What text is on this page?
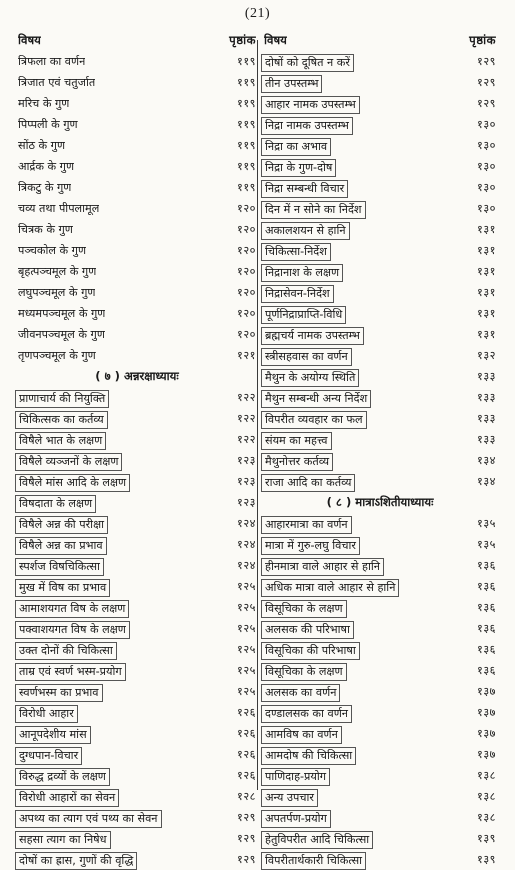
(21)
विषय	पृष्ठांक
त्रिफला का वर्णन	११९
त्रिजात एवं चतुर्जात	११९
मरिच के गुण	११९
पिप्पली के गुण	११९
सोंठ के गुण	११९
आर्द्रक के गुण	११९
त्रिकटु के गुण	११९
चव्य तथा पीपलामूल	१२०
चित्रक के गुण	१२०
पञ्चकोल के गुण	१२०
बृहत्पञ्चमूल के गुण	१२०
लघुपञ्चमूल के गुण	१२०
मध्यमपञ्चमूल के गुण	१२०
जीवनपञ्चमूल के गुण	१२०
तृणपञ्चमूल के गुण	१२१
( ७ ) अन्नरक्षाध्यायः
प्राणाचार्य की नियुक्ति	१२२
चिकित्सक का कर्तव्य	१२२
विषैले भात के लक्षण	१२२
विषैले व्यञ्जनों के लक्षण	१२३
विषैले मांस आदि के लक्षण	१२३
विषदाता के लक्षण	१२३
विषैले अन्न की परीक्षा	१२४
विषैले अन्न का प्रभाव	१२४
स्पर्शज विषचिकित्सा	१२४
मुख में विष का प्रभाव	१२५
आमाशयगत विष के लक्षण	१२५
पक्वाशयगत विष के लक्षण	१२५
उक्त दोनों की चिकित्सा	१२५
ताम्र एवं स्वर्ण भस्म-प्रयोग	१२५
स्वर्णभस्म का प्रभाव	१२५
विरोधी आहार	१२६
आनूपदेशीय मांस	१२६
दुग्धपान-विचार	१२६
विरुद्ध द्रव्यों के लक्षण	१२६
विरोधी आहारों का सेवन	१२८
अपथ्य का त्याग एवं पथ्य का सेवन	१२९
सहसा त्याग का निषेध	१२९
दोषों का ह्रास, गुणों की वृद्धि	१२९
विषय	पृष्ठांक
दोषों को दूषित न करें	१२९
तीन उपस्तम्भ	१२९
आहार नामक उपस्तम्भ	१२९
निद्रा नामक उपस्तम्भ	१३०
निद्रा का अभाव	१३०
निद्रा के गुण-दोष	१३०
निद्रा सम्बन्धी विचार	१३०
दिन में न सोने का निर्देश	१३०
अकालशयन से हानि	१३१
चिकित्सा-निर्देश	१३१
निद्रानाश के लक्षण	१३१
निद्रासेवन-निर्देश	१३१
पूर्णनिद्राप्राप्ति-विधि	१३१
ब्रह्मचर्य नामक उपस्तम्भ	१३१
स्त्रीसहवास का वर्णन	१३२
मैथुन के अयोग्य स्थिति	१३३
मैथुन सम्बन्धी अन्य निर्देश	१३३
विपरीत व्यवहार का फल	१३३
संयम का महत्त्व	१३३
मैथुनोत्तर कर्तव्य	१३४
राजा आदि का कर्तव्य	१३४
( ८ ) मात्राऽशितीयाध्यायः
आहारमात्रा का वर्णन	१३५
मात्रा में गुरु-लघु विचार	१३५
हीनमात्रा वाले आहार से हानि	१३६
अधिक मात्रा वाले आहार से हानि	१३६
विसूचिका के लक्षण	१३६
अलसक की परिभाषा	१३६
विसूचिका की परिभाषा	१३६
विसूचिका के लक्षण	१३६
अलसक का वर्णन	१३७
दण्डालसक का वर्णन	१३७
आमविष का वर्णन	१३७
आमदोष की चिकित्सा	१३७
पाणिदाह-प्रयोग	१३८
अन्य उपचार	१३८
अपतर्पण-प्रयोग	१३८
हेतुविपरीत आदि चिकित्सा	१३९
विपरीतार्थकारी चिकित्सा	१३९
